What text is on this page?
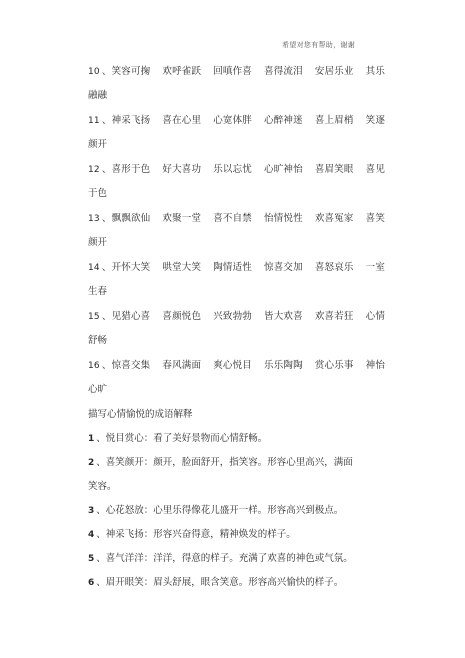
希望对您有帮助，谢谢
10 、笑容可掬 欢呼雀跃 回嗔作喜 喜得流泪 安居乐业 其乐
融融
11 、神采飞扬 喜在心里 心宽体胖 心醉神迷 喜上眉梢 笑逐
颜开
12 、喜形于色 好大喜功 乐以忘忧 心旷神怡 喜眉笑眼 喜见
于色
13 、飘飘欲仙 欢聚一堂 喜不自禁 怡情悦性 欢喜冤家 喜笑
颜开
14 、开怀大笑 哄堂大笑 陶情适性 惊喜交加 喜怒哀乐 一室
生春
15 、见猎心喜 喜颜悦色 兴致勃勃 皆大欢喜 欢喜若狂 心情
舒畅
16 、惊喜交集 春风满面 爽心悦目 乐乐陶陶 赏心乐事 神怡
心旷
描写心情愉悦的成语解释
1 、悦目赏心：看了美好景物而心情舒畅。
2 、喜笑颜开：颜开，脸面舒开，指笑容。形容心里高兴，满面
笑容。
3 、心花怒放：心里乐得像花儿盛开一样。形容高兴到极点。
4 、神采飞扬：形容兴奋得意，精神焕发的样子。
5 、喜气洋洋：洋洋，得意的样子。充满了欢喜的神色或气氛。
6 、眉开眼笑：眉头舒展，眼含笑意。形容高兴愉快的样子。
